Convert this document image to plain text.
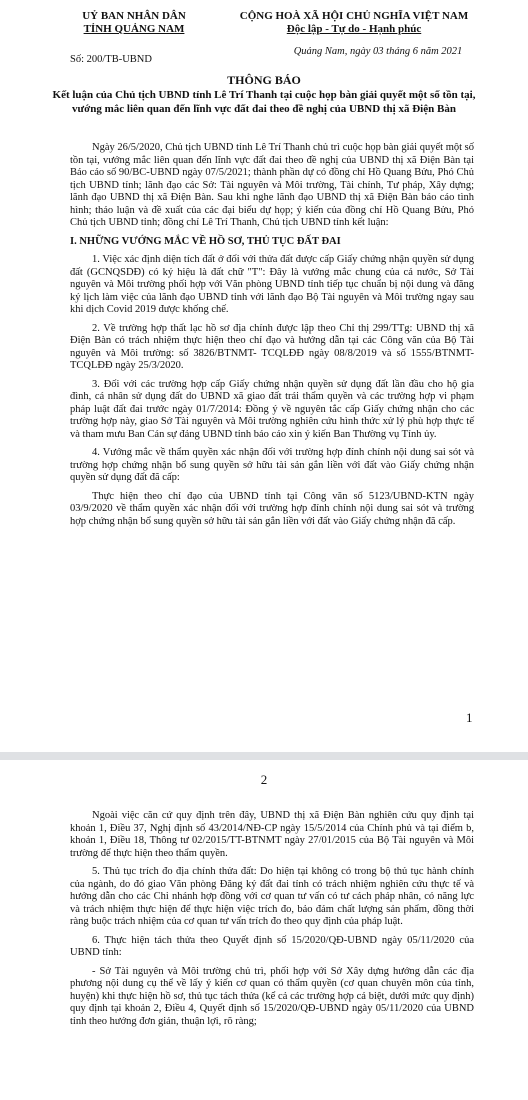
UỶ BAN NHÂN DÂN
TỈNH QUẢNG NAM
CỘNG HOÀ XÃ HỘI CHỦ NGHĨA VIỆT NAM
Độc lập - Tự do - Hạnh phúc
Số: 200/TB-UBND
Quảng Nam, ngày 03 tháng 6 năm 2021
THÔNG BÁO
Kết luận của Chủ tịch UBND tỉnh Lê Trí Thanh tại cuộc họp bàn giải quyết một số tồn tại, vướng mắc liên quan đến lĩnh vực đất đai theo đề nghị của UBND thị xã Điện Bàn

Ngày 26/5/2020, Chủ tịch UBND tỉnh Lê Trí Thanh chủ trì cuộc họp bàn giải quyết một số tồn tại, vướng mắc liên quan đến lĩnh vực đất đai theo đề nghị của UBND thị xã Điện Bàn tại Báo cáo số 90/BC-UBND ngày 07/5/2021; thành phần dự có đồng chí Hồ Quang Bửu, Phó Chủ tịch UBND tỉnh; lãnh đạo các Sở: Tài nguyên và Môi trường, Tài chính, Tư pháp, Xây dựng; lãnh đạo UBND thị xã Điện Bàn. Sau khi nghe lãnh đạo UBND thị xã Điện Bàn báo cáo tình hình; thảo luận và đề xuất của các đại biểu dự họp; ý kiến của đồng chí Hồ Quang Bửu, Phó Chủ tịch UBND tỉnh; đồng chí Lê Trí Thanh, Chủ tịch UBND tỉnh kết luận:

I. NHỮNG VƯỚNG MẮC VỀ HỒ SƠ, THỦ TỤC ĐẤT ĐAI

1. Việc xác định diện tích đất ở đối với thửa đất được cấp Giấy chứng nhận quyền sử dụng đất (GCNQSDĐ) có ký hiệu là đất chữ "T": Đây là vướng mắc chung của cả nước, Sở Tài nguyên và Môi trường phối hợp với Văn phòng UBND tỉnh tiếp tục chuẩn bị nội dung và đăng ký lịch làm việc của lãnh đạo UBND tỉnh với lãnh đạo Bộ Tài nguyên và Môi trường ngay sau khi dịch Covid 2019 được khống chế.

2. Về trường hợp thất lạc hồ sơ địa chính được lập theo Chỉ thị 299/TTg: UBND thị xã Điện Bàn có trách nhiệm thực hiện theo chỉ đạo và hướng dẫn tại các Công văn của Bộ Tài nguyên và Môi trường: số 3826/BTNMT- TCQLĐĐ ngày 08/8/2019 và số 1555/BTNMT-TCQLĐĐ ngày 25/3/2020.

3. Đối với các trường hợp cấp Giấy chứng nhận quyền sử dụng đất lần đầu cho hộ gia đình, cá nhân sử dụng đất do UBND xã giao đất trái thẩm quyền và các trường hợp vi phạm pháp luật đất đai trước ngày 01/7/2014: Đồng ý về nguyên tắc cấp Giấy chứng nhận cho các trường hợp này, giao Sở Tài nguyên và Môi trường nghiên cứu hình thức xử lý phù hợp thực tế và tham mưu Ban Cán sự đảng UBND tỉnh báo cáo xin ý kiến Ban Thường vụ Tỉnh ủy.

4. Vướng mắc về thẩm quyền xác nhận đối với trường hợp đính chính nội dung sai sót và trường hợp chứng nhận bổ sung quyền sở hữu tài sản gắn liền với đất vào Giấy chứng nhận quyền sử dụng đất đã cấp:

Thực hiện theo chỉ đạo của UBND tỉnh tại Công văn số 5123/UBND-KTN ngày 03/9/2020 về thẩm quyền xác nhận đối với trường hợp đính chính nội dung sai sót và trường hợp chứng nhận bổ sung quyền sở hữu tài sản gắn liền với đất vào Giấy chứng nhận đã cấp.

1
2

Ngoài việc căn cứ quy định trên đây, UBND thị xã Điện Bàn nghiên cứu quy định tại khoản 1, Điều 37, Nghị định số 43/2014/NĐ-CP ngày 15/5/2014 của Chính phủ và tại điểm b, khoản 1, Điều 18, Thông tư 02/2015/TT-BTNMT ngày 27/01/2015 của Bộ Tài nguyên và Môi trường để thực hiện theo thẩm quyền.

5. Thủ tục trích đo địa chính thửa đất: Do hiện tại không có trong bộ thủ tục hành chính của ngành, do đó giao Văn phòng Đăng ký đất đai tỉnh có trách nhiệm nghiên cứu thực tế và hướng dẫn cho các Chi nhánh hợp đồng với cơ quan tư vấn có tư cách pháp nhân, có năng lực và trách nhiệm thực hiện để thực hiện việc trích đo, bảo đảm chất lượng sản phẩm, đồng thời ràng buộc trách nhiệm của cơ quan tư vấn trích đo theo quy định của pháp luật.

6. Thực hiện tách thửa theo Quyết định số 15/2020/QĐ-UBND ngày 05/11/2020 của UBND tỉnh:

- Sở Tài nguyên và Môi trường chủ trì, phối hợp với Sở Xây dựng hướng dẫn các địa phương nội dung cụ thể về lấy ý kiến cơ quan có thẩm quyền (cơ quan chuyên môn của tỉnh, huyện) khi thực hiện hồ sơ, thủ tục tách thửa (kể cả các trường hợp cá biệt, dưới mức quy định) quy định tại khoản 2, Điều 4, Quyết định số 15/2020/QĐ-UBND ngày 05/11/2020 của UBND tỉnh theo hướng đơn giản, thuận lợi, rõ ràng;
